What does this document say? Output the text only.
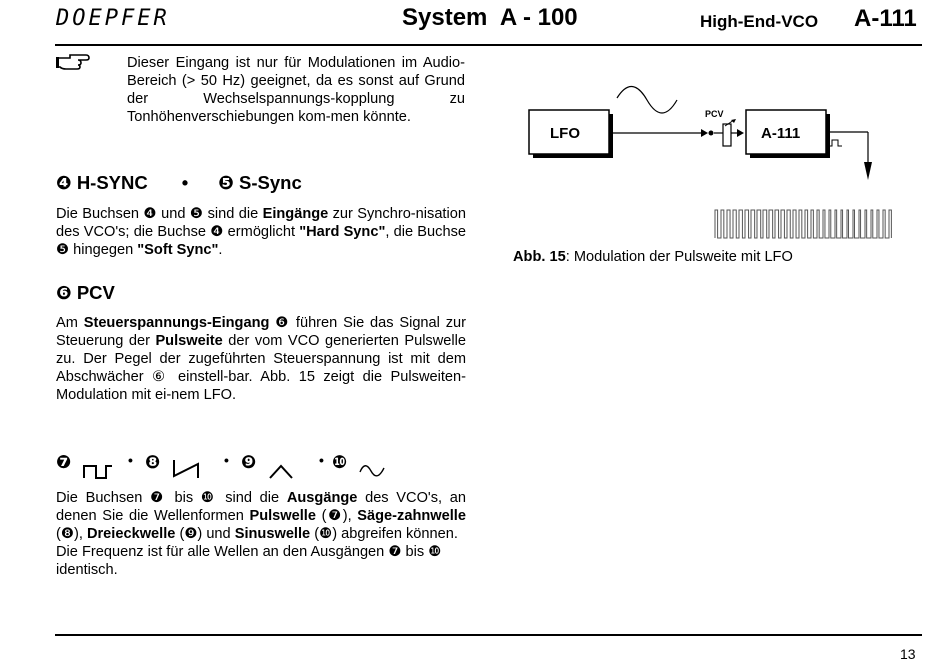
DOEPFER	System  A - 100	High-End-VCO A-111
Dieser Eingang ist nur für Modulationen im Audio-Bereich (> 50 Hz) geeignet, da es sonst auf Grund der Wechselspannungs-kopplung zu Tonhöhenverschiebungen kom-men könnte.
❹ H-SYNC • ❺ S-Sync

Die Buchsen ❹ und ❺ sind die Eingänge zur Synchro-nisation des VCO's; die Buchse ❹ ermöglicht "Hard Sync", die Buchse ❺ hingegen "Soft Sync".

❻ PCV

Am Steuerspannungs-Eingang ❻ führen Sie das Signal zur Steuerung der Pulsweite der vom VCO generierten Pulswelle zu. Der Pegel der zugeführten Steuerspannung ist mit dem Abschwächer ⑥ einstell-bar. Abb. 15 zeigt die Pulsweiten-Modulation mit ei-nem LFO.

❼	• ❽	• ❾	• ❿

Die Buchsen ❼ bis ❿ sind die Ausgänge des VCO's, an denen Sie die Wellenformen Pulswelle (❼), Säge-zahnwelle (❽), Dreieckwelle (❾) und Sinuswelle (❿) abgreifen können.

Die Frequenz ist für alle Wellen an den Ausgängen ❼ bis ❿ identisch.

LFO
PCV
A-111
Abb. 15: Modulation der Pulsweite mit LFO
13
